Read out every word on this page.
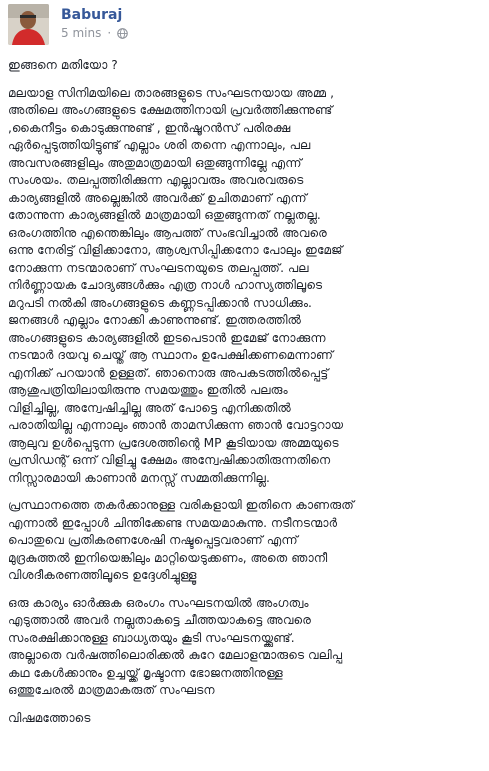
Baburaj
5 mins ·

ഇങ്ങനെ മതിയോ ?

മലയാള സിനിമയിലെ താരങ്ങളുടെ സംഘടനയായ അമ്മ ,
അതിലെ അംഗങ്ങളുടെ ക്ഷേമത്തിനായി പ്രവർത്തിക്കുന്നുണ്ട്
,കൈനീട്ടം കൊടുക്കുന്നുണ്ട് , ഇൻഷൂറൻസ് പരിരക്ഷ
ഏർപ്പെടുത്തിയിട്ടുണ്ട് എല്ലാം ശരി തന്നെ എന്നാലും, പല
അവസരങ്ങളിലും അതുമാത്രമായി ഒതുങ്ങുന്നില്ലേ എന്ന്
സംശയം. തലപ്പത്തിരിക്കുന്ന എല്ലാവരും അവരവരുടെ
കാര്യങ്ങളിൽ അല്ലെങ്കിൽ അവർക്ക് ഉചിതമാണ് എന്ന്
തോന്നുന്ന കാര്യങ്ങളിൽ മാത്രമായി ഒതുങ്ങുന്നത് നല്ലതല്ല.
ഒരംഗത്തിനു എന്തെങ്കിലും ആപത്ത് സംഭവിച്ചാൽ അവരെ
ഒന്നു നേരിട്ട് വിളിക്കാനോ, ആശ്വസിപ്പിക്കനോ പോലും ഇമേജ്
നോക്കുന്ന നടന്മാരാണ് സംഘടനയുടെ തലപ്പത്ത്. പല
നിർണ്ണായക ചോദ്യങ്ങൾക്കും എത്ര നാൾ ഹാസ്യത്തിലൂടെ
മറുപടി നൽകി അംഗങ്ങളുടെ കണ്ണടപ്പിക്കാൻ സാധിക്കും.
ജനങ്ങൾ എല്ലാം നോക്കി കാണുന്നുണ്ട്. ഇത്തരത്തിൽ
അംഗങ്ങളുടെ കാര്യങ്ങളിൽ ഇടപെടാൻ ഇമേജ് നോക്കുന്ന
നടന്മാർ ദയവു ചെയ്ത് ആ സ്ഥാനം ഉപേക്ഷിക്കണമെന്നാണ്
എനിക്ക് പറയാൻ ഉള്ളത്. ഞാനൊരു അപകടത്തിൽപ്പെട്ട്
ആശുപത്രിയിലായിരുന്നു സമയത്തും ഇതിൽ പലരും
വിളിച്ചില്ല, അന്വേഷിച്ചില്ല അത് പോട്ടെ എനിക്കതിൽ
പരാതിയില്ല എന്നാലും ഞാൻ താമസിക്കുന്ന ഞാൻ വോട്ടറായ
ആലുവ ഉൾപ്പെടുന്ന പ്രദേശത്തിന്റെ MP കൂടിയായ അമ്മയുടെ
പ്രസിഡന്റ് ഒന്ന് വിളിച്ചു ക്ഷേമം അന്വേഷിക്കാതിരുന്നതിനെ
നിസ്സാരമായി കാണാൻ മനസ്സ് സമ്മതിക്കുന്നില്ല.

പ്രസ്ഥാനത്തെ തകർക്കാനുള്ള വരികളായി ഇതിനെ കാണരുത്
എന്നാൽ ഇപ്പോൾ ചിന്തിക്കേണ്ട സമയമാകുന്നു. നടീനടന്മാർ
പൊതുവെ പ്രതികരണശേഷി നഷ്ടപ്പെട്ടവരാണ് എന്ന്
മുദ്രകുത്തൽ ഇനിയെങ്കിലും മാറ്റിയെടുക്കണം, അതെ ഞാനീ
വിശദീകരണത്തിലൂടെ ഉദ്ദേശിച്ചുള്ളൂ

ഒരു കാര്യം ഓർക്കുക ഒരംഗം സംഘടനയിൽ അംഗത്വം
എടുത്താൽ അവർ നല്ലതാകട്ടെ ചീത്തയാകട്ടെ അവരെ
സംരക്ഷിക്കാനുള്ള ബാധ്യതയും കൂടി സംഘടനയ്ക്കുണ്ട്.
അല്ലാതെ വർഷത്തിലൊരിക്കൽ കുറേ മേലാളന്മാരുടെ വലിപ്പ
കഥ കേൾക്കാനും ഉച്ചയ്ക്ക് മൃഷ്ടാന്ന ഭോജനത്തിനുള്ള
ഒത്തുചേരൽ മാത്രമാകരുത് സംഘടന

വിഷമത്തോടെ
